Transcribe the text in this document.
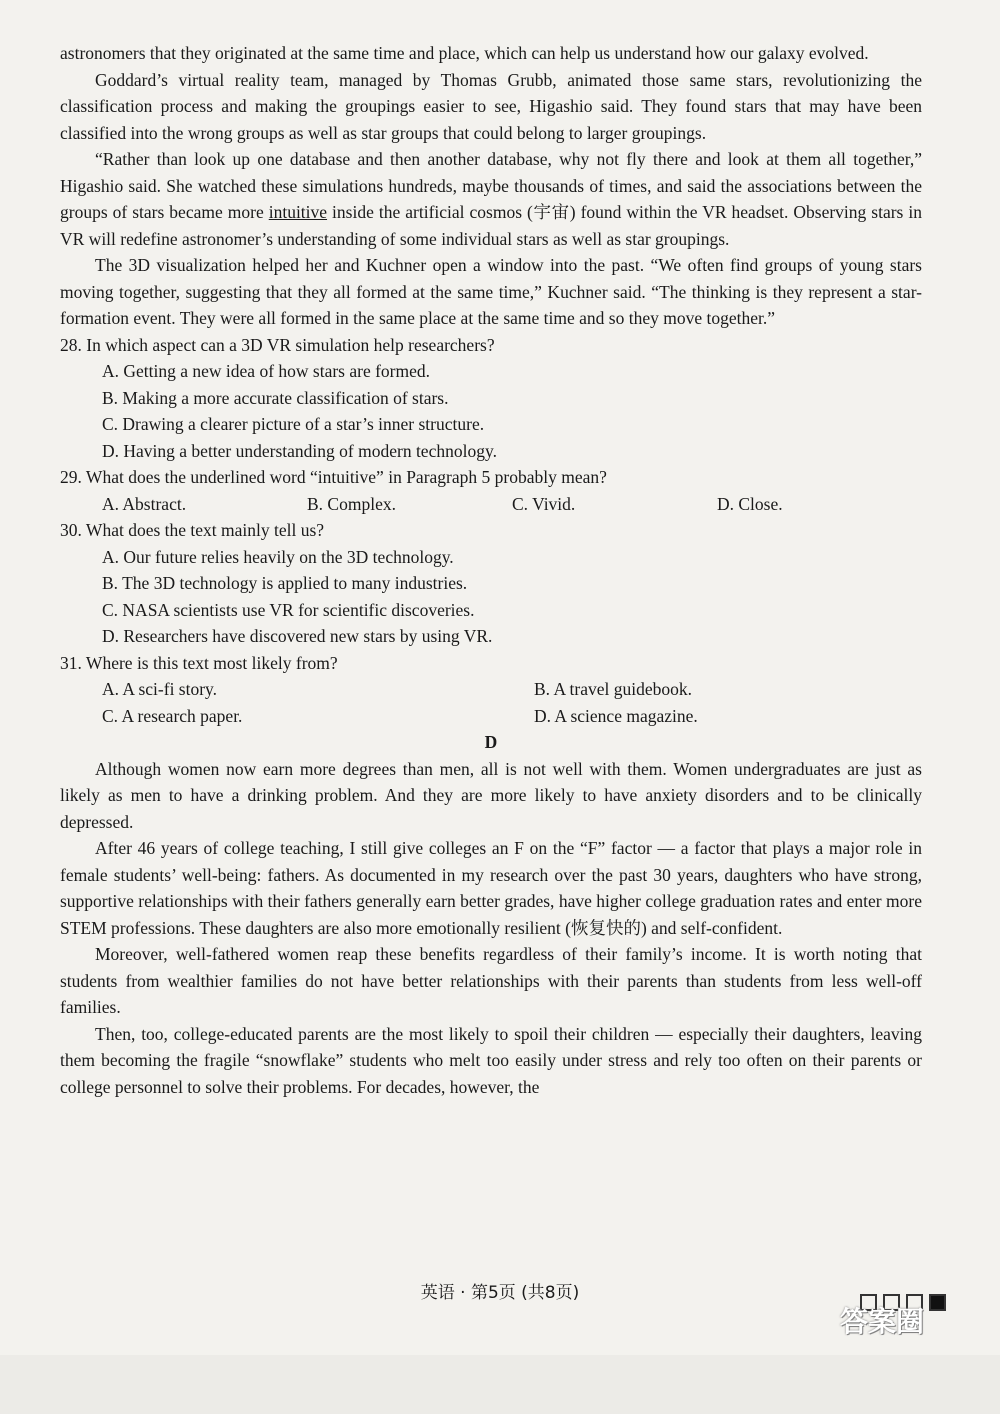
astronomers that they originated at the same time and place, which can help us understand how our galaxy evolved.

Goddard’s virtual reality team, managed by Thomas Grubb, animated those same stars, revolutionizing the classification process and making the groupings easier to see, Higashio said. They found stars that may have been classified into the wrong groups as well as star groups that could belong to larger groupings.

“Rather than look up one database and then another database, why not fly there and look at them all together,” Higashio said. She watched these simulations hundreds, maybe thousands of times, and said the associations between the groups of stars became more intuitive inside the artificial cosmos (宇宙) found within the VR headset. Observing stars in VR will redefine astronomer’s understanding of some individual stars as well as star groupings.

The 3D visualization helped her and Kuchner open a window into the past. “We often find groups of young stars moving together, suggesting that they all formed at the same time,” Kuchner said. “The thinking is they represent a star-formation event. They were all formed in the same place at the same time and so they move together.”

28. In which aspect can a 3D VR simulation help researchers?

A. Getting a new idea of how stars are formed.

B. Making a more accurate classification of stars.

C. Drawing a clearer picture of a star’s inner structure.

D. Having a better understanding of modern technology.

29. What does the underlined word “intuitive” in Paragraph 5 probably mean?

A. Abstract.	B. Complex.	C. Vivid.	D. Close.

30. What does the text mainly tell us?

A. Our future relies heavily on the 3D technology.

B. The 3D technology is applied to many industries.

C. NASA scientists use VR for scientific discoveries.

D. Researchers have discovered new stars by using VR.

31. Where is this text most likely from?

A. A sci-fi story.	B. A travel guidebook.
C. A research paper.	D. A science magazine.

D

Although women now earn more degrees than men, all is not well with them. Women undergraduates are just as likely as men to have a drinking problem. And they are more likely to have anxiety disorders and to be clinically depressed.

After 46 years of college teaching, I still give colleges an F on the “F” factor — a factor that plays a major role in female students’ well-being: fathers. As documented in my research over the past 30 years, daughters who have strong, supportive relationships with their fathers generally earn better grades, have higher college graduation rates and enter more STEM professions. These daughters are also more emotionally resilient (恢复快的) and self-confident.

Moreover, well-fathered women reap these benefits regardless of their family’s income. It is worth noting that students from wealthier families do not have better relationships with their parents than students from less well-off families.

Then, too, college-educated parents are the most likely to spoil their children — especially their daughters, leaving them becoming the fragile “snowflake” students who melt too easily under stress and rely too often on their parents or college personnel to solve their problems. For decades, however, the

英语 · 第5页 (共8页)
答案圈
